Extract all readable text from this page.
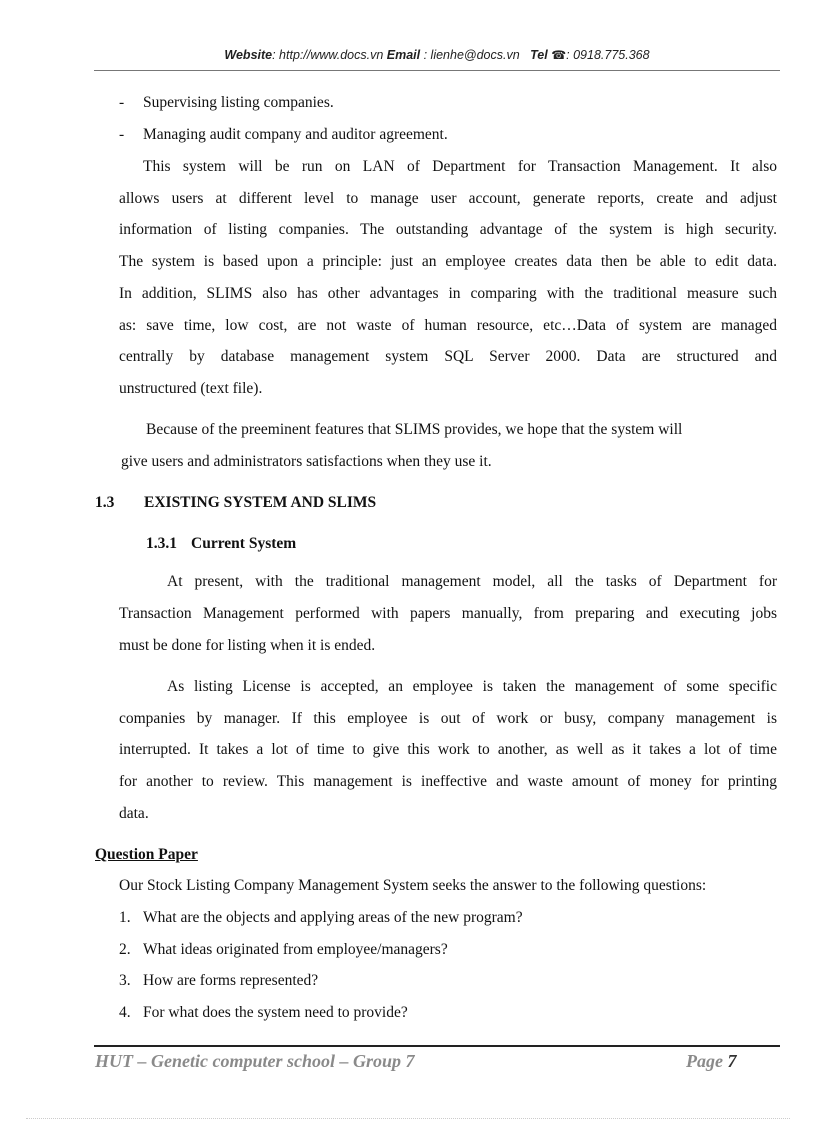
Website: http://www.docs.vn Email : lienhe@docs.vn Tel ☎: 0918.775.368
- Supervising listing companies.
- Managing audit company and auditor agreement.
This system will be run on LAN of Department for Transaction Management. It also
allows users at different level to manage user account, generate reports, create and adjust
information of listing companies. The outstanding advantage of the system is high security.
The system is based upon a principle: just an employee creates data then be able to edit data.
In addition, SLIMS also has other advantages in comparing with the traditional measure such
as: save time, low cost, are not waste of human resource, etc…Data of system are managed
centrally by database management system SQL Server 2000. Data are structured and
unstructured (text file).
Because of the preeminent features that SLIMS provides, we hope that the system will
give users and administrators satisfactions when they use it.
1.3 EXISTING SYSTEM AND SLIMS
1.3.1 Current System
At present, with the traditional management model, all the tasks of Department for
Transaction Management performed with papers manually, from preparing and executing jobs
must be done for listing when it is ended.
As listing License is accepted, an employee is taken the management of some specific
companies by manager. If this employee is out of work or busy, company management is
interrupted. It takes a lot of time to give this work to another, as well as it takes a lot of time
for another to review. This management is ineffective and waste amount of money for printing
data.
Question Paper
Our Stock Listing Company Management System seeks the answer to the following questions:
1. What are the objects and applying areas of the new program?
2. What ideas originated from employee/managers?
3. How are forms represented?
4. For what does the system need to provide?
HUT – Genetic computer school – Group 7	Page 7
